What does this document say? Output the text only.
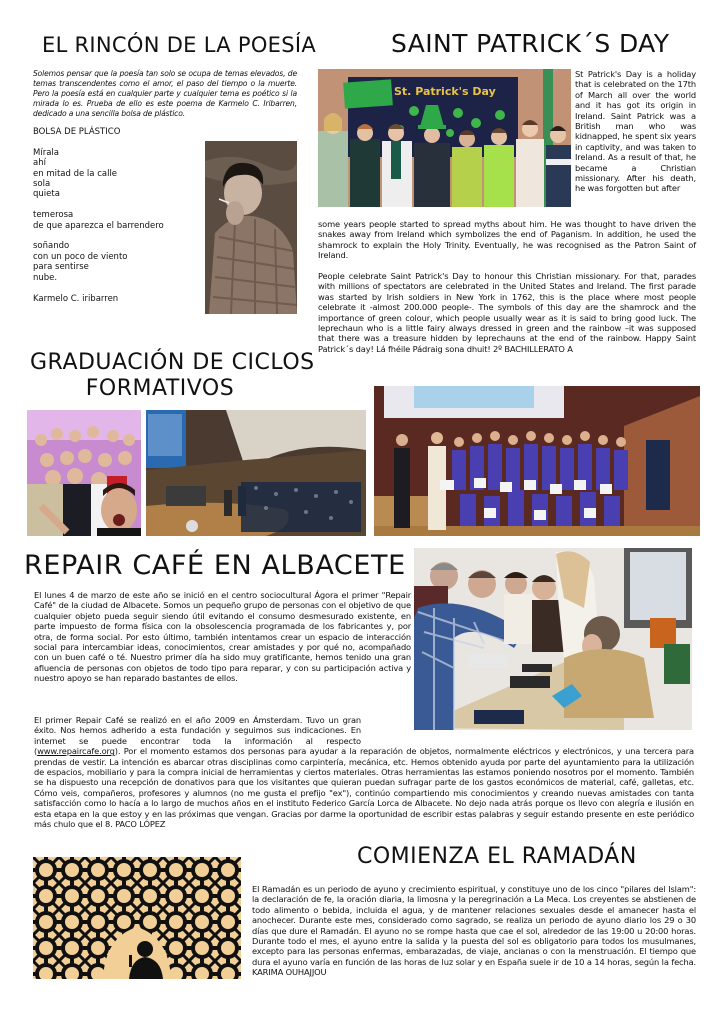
EL RINCÓN DE LA POESÍA
Solemos pensar que la poesía tan solo se ocupa de temas elevados, de temas transcendentes como el amor, el paso del tiempo o la muerte. Pero la poesía está en cualquier parte y cualquier tema es poético si la mirada lo es. Prueba de ello es este poema de Karmelo C. Iribarren, dedicado a una sencilla bolsa de plástico.
BOLSA DE PLÁSTICO

Mírala
ahí
en mitad de la calle
sola
quieta

temerosa
de que aparezca el barrendero

soñando
con un poco de viento
para sentirse
nube.

Karmelo C. iribarren
SAINT PATRICK´S DAY
St. Patrick's Day
St Patrick's Day is a holiday that is celebrated on the 17th of March all over the world and it has got its origin in Ireland. Saint Patrick was a British man who was kidnapped, he spent six years in captivity, and was taken to Ireland. As a result of that, he became a Christian missionary. After his death, he was forgotten but after
some years people started to spread myths about him. He was thought to have driven the snakes away from Ireland which symbolizes the end of Paganism. In addition, he used the shamrock to explain the Holy Trinity. Eventually, he was recognised as the Patron Saint of Ireland.
People celebrate Saint Patrick's Day to honour this Christian missionary. For that, parades with millions of spectators are celebrated in the United States and Ireland. The first parade was started by Irish soldiers in New York in 1762, this is the place where most people celebrate it -almost 200.000 people-. The symbols of this day are the shamrock and the importance of green colour, which people usually wear as it is said to bring good luck. The leprechaun who is a little fairy always dressed in green and the rainbow –it was supposed that there was a treasure hidden by leprechauns at the end of the rainbow. Happy Saint Patrick´s day! Lá fhéile Pádraig sona dhuit! 2º BACHILLERATO A
GRADUACIÓN DE CICLOS
FORMATIVOS
REPAIR CAFÉ EN ALBACETE
El lunes 4 de marzo de este año se inició en el centro sociocultural Ágora el primer "Repair Café" de la ciudad de Albacete. Somos un pequeño grupo de personas con el objetivo de que cualquier objeto pueda seguir siendo útil evitando el consumo desmesurado existente, en parte impuesto de forma física con la obsolescencia programada de los fabricantes y, por otra, de forma social. Por esto último, también intentamos crear un espacio de interacción social para intercambiar ideas, conocimientos, crear amistades y por qué no, acompañado con un buen café o té. Nuestro primer día ha sido muy gratificante, hemos tenido una gran afluencia de personas con objetos de todo tipo para reparar, y con su participación activa y nuestro apoyo se han reparado bastantes de ellos.

El primer Repair Café se realizó en el año 2009 en Ámsterdam. Tuvo un gran éxito. Nos hemos adherido a esta fundación y seguimos sus indicaciones. En internet se puede encontrar toda la información al respecto (www.repaircafe.org). Por el momento estamos dos personas para ayudar a la reparación de objetos, normalmente eléctricos y electrónicos, y una tercera para prendas de vestir. La intención es abarcar otras disciplinas como carpintería, mecánica, etc. Hemos obtenido ayuda por parte del ayuntamiento para la utilización de espacios, mobiliario y para la compra inicial de herramientas y ciertos materiales. Otras herramientas las estamos poniendo nosotros por el momento. También se ha dispuesto una recepción de donativos para que los visitantes que quieran puedan sufragar parte de los gastos económicos de material, café, galletas, etc. Cómo veis, compañeros, profesores y alumnos (no me gusta el prefijo "ex"), continúo compartiendo mis conocimientos y creando nuevas amistades con tanta satisfacción como lo hacía a lo largo de muchos años en el instituto Federico García Lorca de Albacete. No dejo nada atrás porque os llevo con alegría e ilusión en esta etapa en la que estoy y en las próximas que vengan. Gracias por darme la oportunidad de escribir estas palabras y seguir estando presente en este periódico más chulo que el 8. PACO LÓPEZ

COMIENZA EL RAMADÁN
El Ramadán es un periodo de ayuno y crecimiento espiritual, y constituye uno de los cinco "pilares del Islam": la declaración de fe, la oración diaria, la limosna y la peregrinación a La Meca. Los creyentes se abstienen de todo alimento o bebida, incluida el agua, y de mantener relaciones sexuales desde el amanecer hasta el anochecer. Durante este mes, considerado como sagrado, se realiza un periodo de ayuno diario los 29 o 30 días que dure el Ramadán. El ayuno no se rompe hasta que cae el sol, alrededor de las 19:00 u 20:00 horas. Durante todo el mes, el ayuno entre la salida y la puesta del sol es obligatorio para todos los musulmanes, excepto para las personas enfermas, embarazadas, de viaje, ancianas o con la menstruación. El tiempo que dura el ayuno varía en función de las horas de luz solar y en España suele ir de 10 a 14 horas, según la fecha. KARIMA OUHAJJOU
